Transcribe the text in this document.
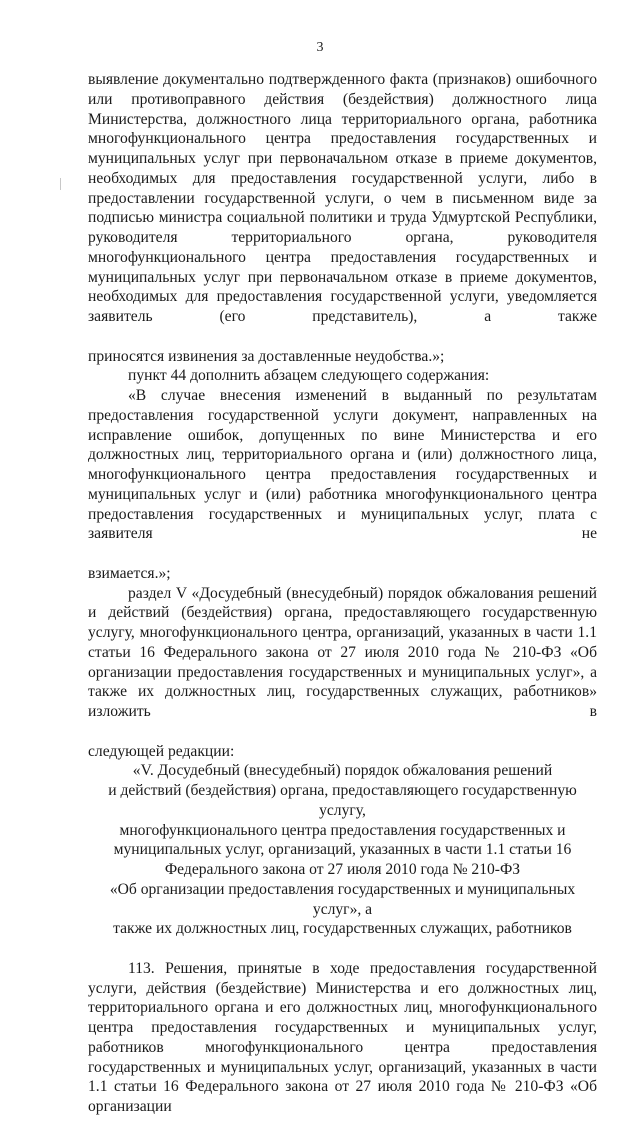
3

выявление документально подтвержденного факта (признаков) ошибочного или противоправного действия (бездействия) должностного лица Министерства, должностного лица территориального органа, работника многофункционального центра предоставления государственных и муниципальных услуг при первоначальном отказе в приеме документов, необходимых для предоставления государственной услуги, либо в предоставлении государственной услуги, о чем в письменном виде за подписью министра социальной политики и труда Удмуртской Республики, руководителя территориального органа, руководителя многофункционального центра предоставления государственных и муниципальных услуг при первоначальном отказе в приеме документов, необходимых для предоставления государственной услуги, уведомляется заявитель (его представитель), а также

приносятся извинения за доставленные неудобства.»;

пункт 44 дополнить абзацем следующего содержания:

«В случае внесения изменений в выданный по результатам предоставления государственной услуги документ, направленных на исправление ошибок, допущенных по вине Министерства и его должностных лиц, территориального органа и (или) должностного лица, многофункционального центра предоставления государственных и муниципальных услуг и (или) работника многофункционального центра предоставления государственных и муниципальных услуг, плата с заявителя не

взимается.»;

раздел V «Досудебный (внесудебный) порядок обжалования решений и действий (бездействия) органа, предоставляющего государственную услугу, многофункционального центра, организаций, указанных в части 1.1 статьи 16 Федерального закона от 27 июля 2010 года № 210-ФЗ «Об организации предоставления государственных и муниципальных услуг», а также их должностных лиц, государственных служащих, работников» изложить в

следующей редакции:

«V. Досудебный (внесудебный) порядок обжалования решений

и действий (бездействия) органа, предоставляющего государственную услугу,

многофункционального центра предоставления государственных и

муниципальных услуг, организаций, указанных в части 1.1 статьи 16

Федерального закона от 27 июля 2010 года № 210-ФЗ

«Об организации предоставления государственных и муниципальных услуг», а

также их должностных лиц, государственных служащих, работников

113. Решения, принятые в ходе предоставления государственной услуги, действия (бездействие) Министерства и его должностных лиц, территориального органа и его должностных лиц, многофункционального центра предоставления государственных и муниципальных услуг, работников многофункционального центра предоставления государственных и муниципальных услуг, организаций, указанных в части 1.1 статьи 16 Федерального закона от 27 июля 2010 года № 210-ФЗ «Об организации
